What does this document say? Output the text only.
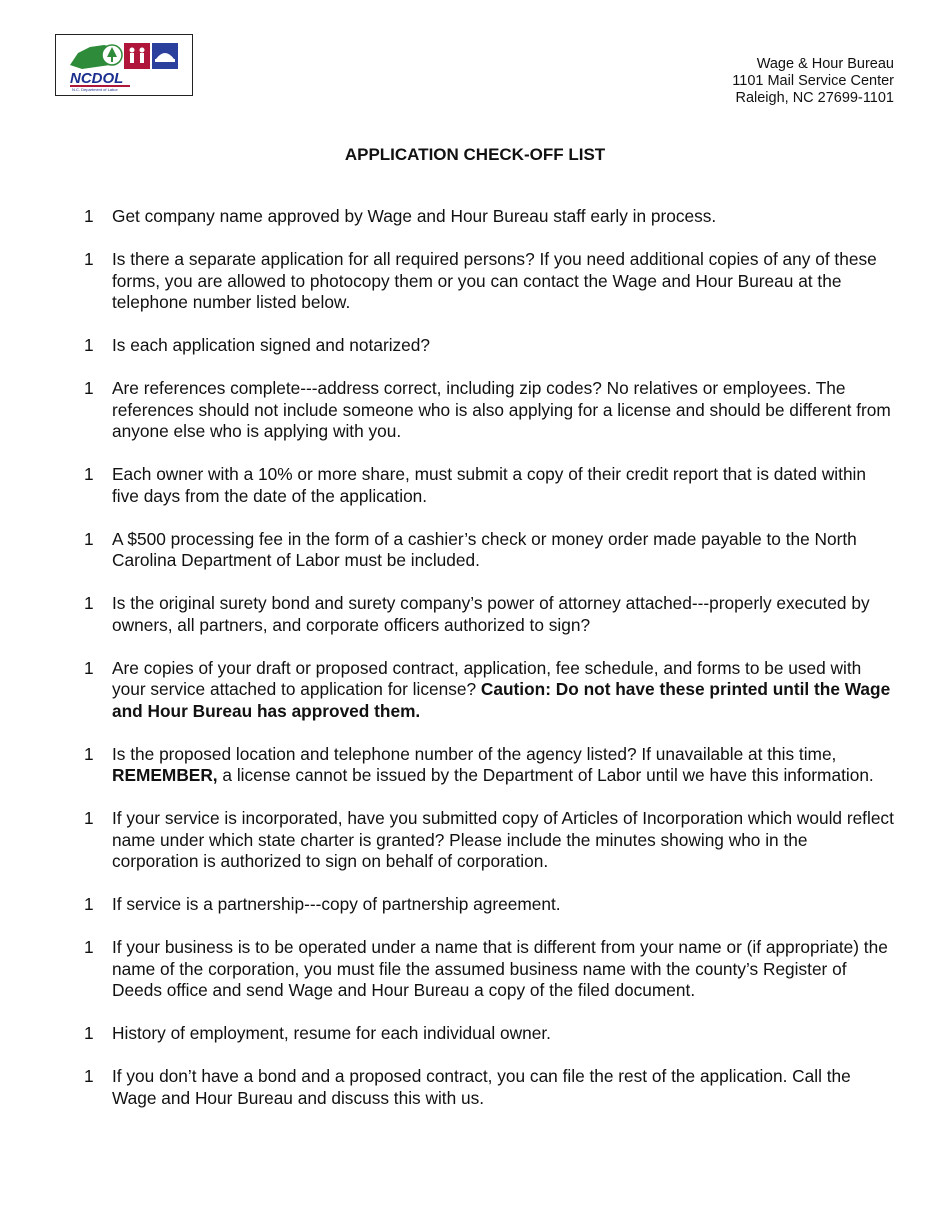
NCDOL
N.C. Department of Labor
Wage & Hour Bureau
1101 Mail Service Center
Raleigh, NC 27699-1101
APPLICATION CHECK-OFF LIST
1	Get company name approved by Wage and Hour Bureau staff early in process.
1	Is there a separate application for all required persons? If you need additional copies of any of these forms, you are allowed to photocopy them or you can contact the Wage and Hour Bureau at the telephone number listed below.
1	Is each application signed and notarized?
1	Are references complete---address correct, including zip codes? No relatives or employees. The references should not include someone who is also applying for a license and should be different from anyone else who is applying with you.
1	Each owner with a 10% or more share, must submit a copy of their credit report that is dated within five days from the date of the application.
1	A $500 processing fee in the form of a cashier’s check or money order made payable to the North Carolina Department of Labor must be included.
1	Is the original surety bond and surety company’s power of attorney attached---properly executed by owners, all partners, and corporate officers authorized to sign?
1	Are copies of your draft or proposed contract, application, fee schedule, and forms to be used with your service attached to application for license? Caution: Do not have these printed until the Wage and Hour Bureau has approved them.
1	Is the proposed location and telephone number of the agency listed? If unavailable at this time, REMEMBER, a license cannot be issued by the Department of Labor until we have this information.
1	If your service is incorporated, have you submitted copy of Articles of Incorporation which would reflect name under which state charter is granted? Please include the minutes showing who in the corporation is authorized to sign on behalf of corporation.
1	If service is a partnership---copy of partnership agreement.
1	If your business is to be operated under a name that is different from your name or (if appropriate) the name of the corporation, you must file the assumed business name with the county’s Register of Deeds office and send Wage and Hour Bureau a copy of the filed document.
1	History of employment, resume for each individual owner.
1	If you don’t have a bond and a proposed contract, you can file the rest of the application. Call the Wage and Hour Bureau and discuss this with us.
